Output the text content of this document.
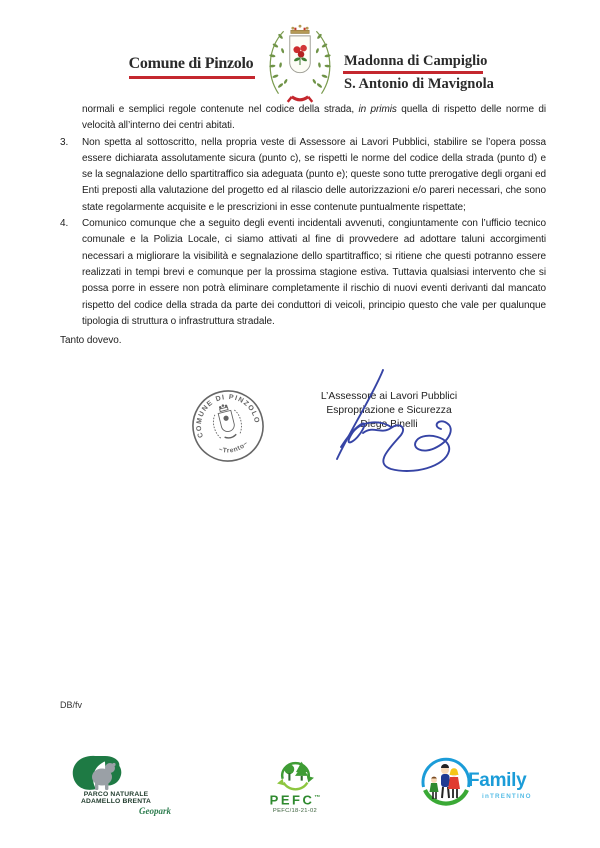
Comune di Pinzolo	Madonna di Campiglio
S. Antonio di Mavignola
normali e semplici regole contenute nel codice della strada, in primis quella di rispetto delle norme di velocità all’interno dei centri abitati.
3.	Non spetta al sottoscritto, nella propria veste di Assessore ai Lavori Pubblici, stabilire se l’opera possa essere dichiarata assolutamente sicura (punto c), se rispetti le norme del codice della strada (punto d) e se la segnalazione dello spartitraffico sia adeguata (punto e); queste sono tutte prerogative degli organi ed Enti preposti alla valutazione del progetto ed al rilascio delle autorizzazioni e/o pareri necessari, che sono state regolarmente acquisite e le prescrizioni in esse contenute puntualmente rispettate;
4.	Comunico comunque che a seguito degli eventi incidentali avvenuti, congiuntamente con l’ufficio tecnico comunale e la Polizia Locale, ci siamo attivati al fine di provvedere ad adottare taluni accorgimenti necessari a migliorare la visibilità e segnalazione dello spartitraffico; si ritiene che questi potranno essere realizzati in tempi brevi e comunque per la prossima stagione estiva. Tuttavia qualsiasi intervento che si possa porre in essere non potrà eliminare completamente il rischio di nuovi eventi derivanti dal mancato rispetto del codice della strada da parte dei conduttori di veicoli, principio questo che vale per qualunque tipologia di struttura o infrastruttura stradale.
Tanto dovevo.
COMUNE DI PINZOLO
~Trento~
L’Assessore ai Lavori Pubblici
Espropriazione e Sicurezza
Diego Binelli
DB/fv
PARCO NATURALE
ADAMELLO BRENTA
Geopark
PEFC™
PEFC/18-21-02
Family
inTRENTINO
